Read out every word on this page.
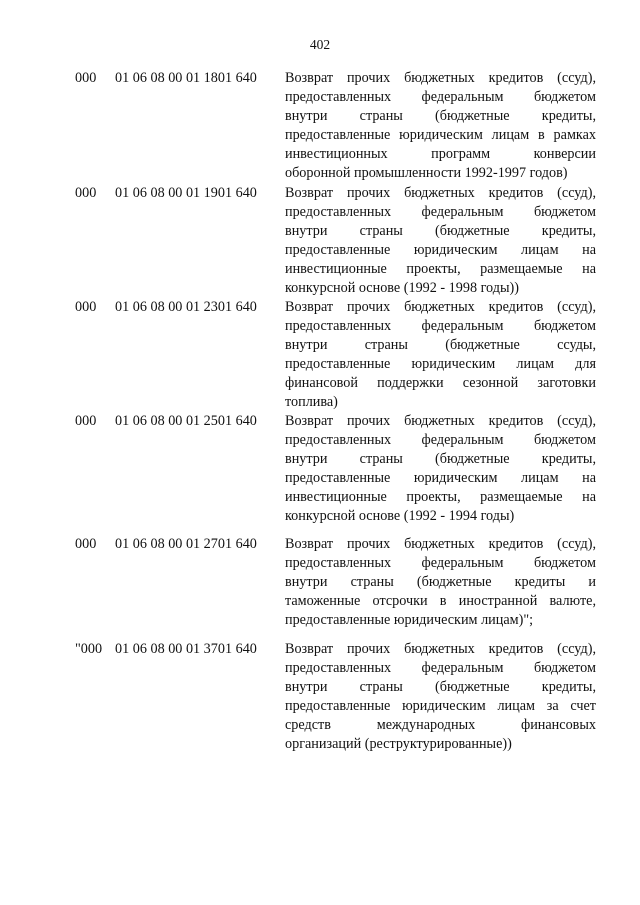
402
000 01 06 08 00 01 1801 640 Возврат прочих бюджетных кредитов (ссуд),
предоставленных федеральным бюджетом
внутри страны (бюджетные кредиты,
предоставленные юридическим лицам в рамках
инвестиционных программ конверсии
оборонной промышленности 1992-1997 годов)
000 01 06 08 00 01 1901 640 Возврат прочих бюджетных кредитов (ссуд),
предоставленных федеральным бюджетом
внутри страны (бюджетные кредиты,
предоставленные юридическим лицам на
инвестиционные проекты, размещаемые на
конкурсной основе (1992 - 1998 годы))
000 01 06 08 00 01 2301 640 Возврат прочих бюджетных кредитов (ссуд),
предоставленных федеральным бюджетом
внутри страны (бюджетные ссуды,
предоставленные юридическим лицам для
финансовой поддержки сезонной заготовки
топлива)
000 01 06 08 00 01 2501 640 Возврат прочих бюджетных кредитов (ссуд),
предоставленных федеральным бюджетом
внутри страны (бюджетные кредиты,
предоставленные юридическим лицам на
инвестиционные проекты, размещаемые на
конкурсной основе (1992 - 1994 годы)
000 01 06 08 00 01 2701 640 Возврат прочих бюджетных кредитов (ссуд),
предоставленных федеральным бюджетом
внутри страны (бюджетные кредиты и
таможенные отсрочки в иностранной валюте,
предоставленные юридическим лицам)";
"000 01 06 08 00 01 3701 640 Возврат прочих бюджетных кредитов (ссуд),
предоставленных федеральным бюджетом
внутри страны (бюджетные кредиты,
предоставленные юридическим лицам за счет
средств международных финансовых
организаций (реструктурированные))
